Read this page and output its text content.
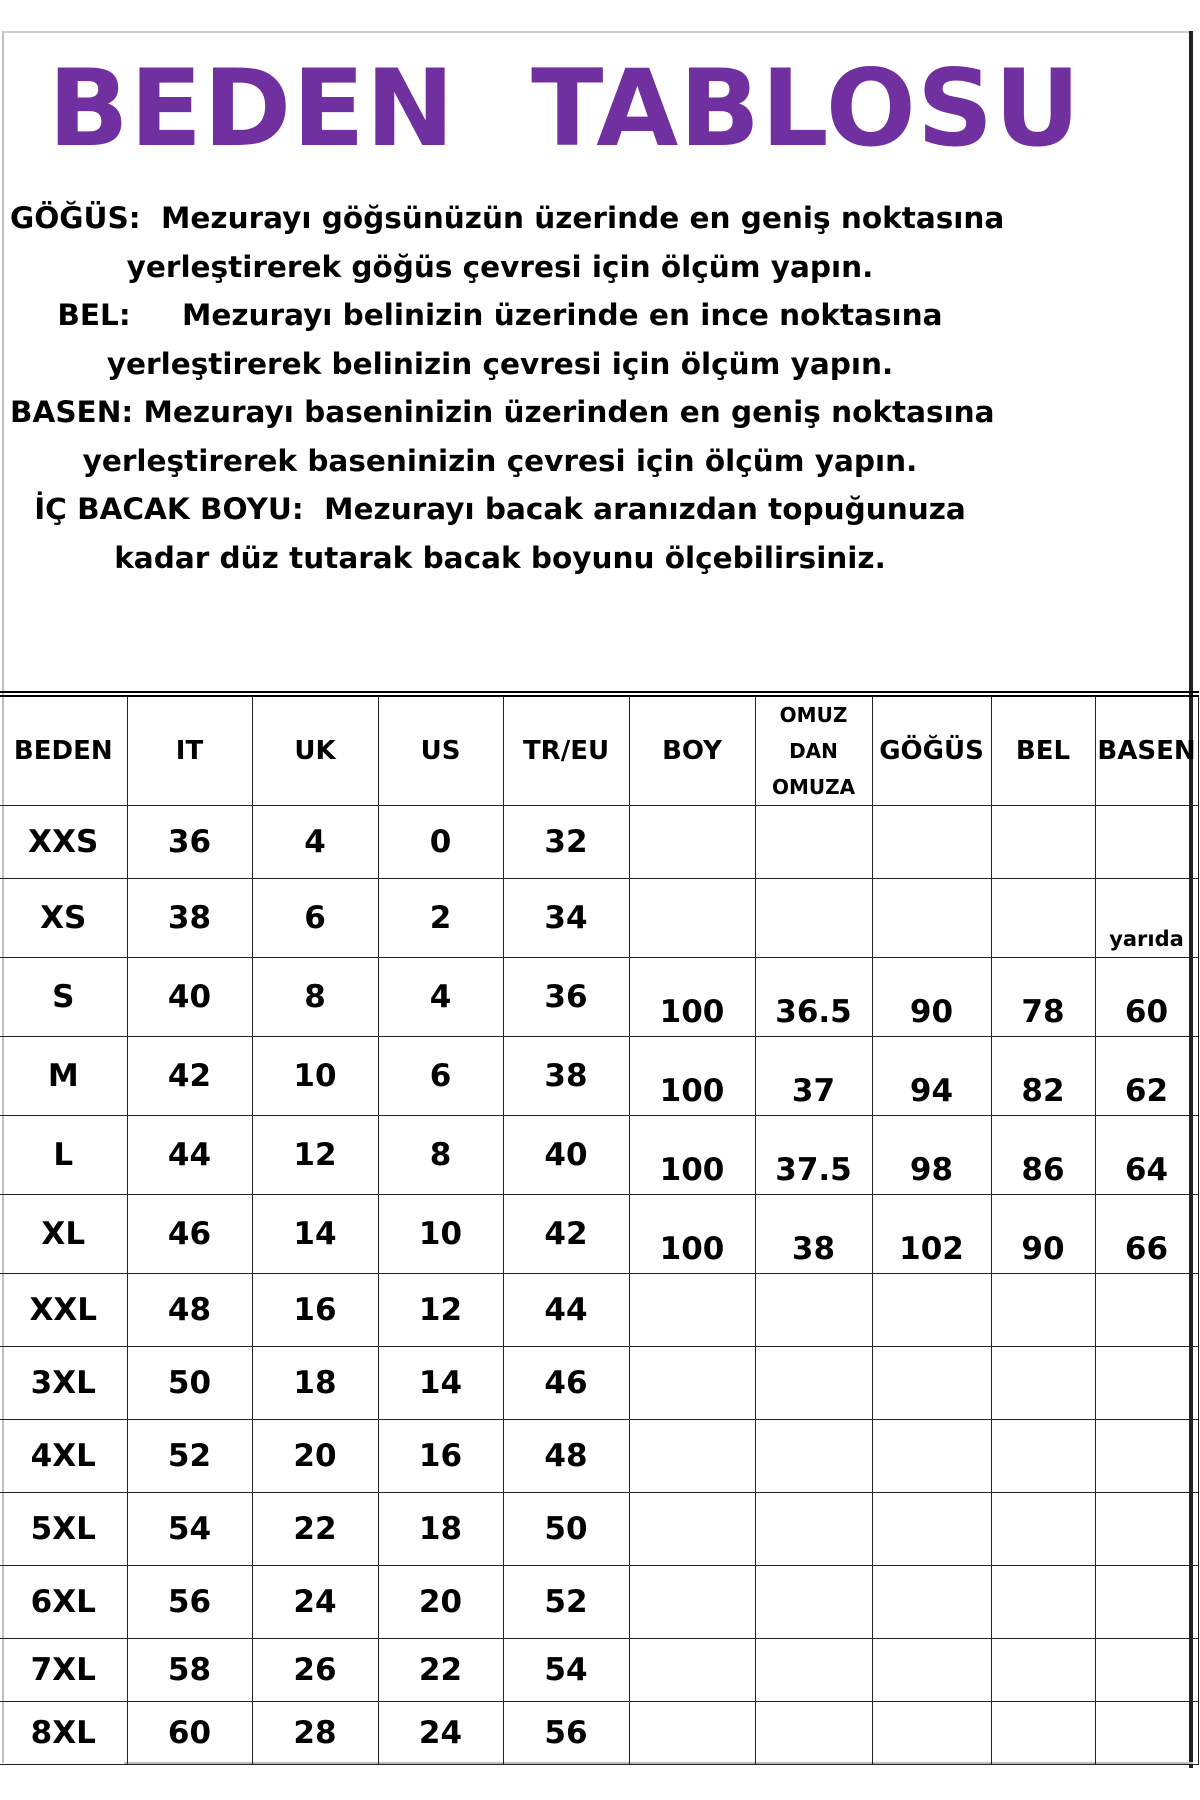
BEDEN  TABLOSU

GÖĞÜS:  Mezurayı göğsünüzün üzerinde en geniş noktasına

yerleştirerek göğüs çevresi için ölçüm yapın.

BEL:     Mezurayı belinizin üzerinde en ince noktasına

yerleştirerek belinizin çevresi için ölçüm yapın.

BASEN: Mezurayı baseninizin üzerinden en geniş noktasına

yerleştirerek baseninizin çevresi için ölçüm yapın.

İÇ BACAK BOYU:  Mezurayı bacak aranızdan topuğunuza

kadar düz tutarak bacak boyunu ölçebilirsiniz.

BEDEN	IT	UK	US	TR/EU	BOY	OMUZ
DAN
OMUZA	GÖĞÜS	BEL	BASEN
XXS	36	4	0	32					
XS	38	6	2	34					yarıda
S	40	8	4	36	100	36.5	90	78	60
M	42	10	6	38	100	37	94	82	62
L	44	12	8	40	100	37.5	98	86	64
XL	46	14	10	42	100	38	102	90	66
XXL	48	16	12	44					
3XL	50	18	14	46					
4XL	52	20	16	48					
5XL	54	22	18	50					
6XL	56	24	20	52					
7XL	58	26	22	54					
8XL	60	28	24	56					
